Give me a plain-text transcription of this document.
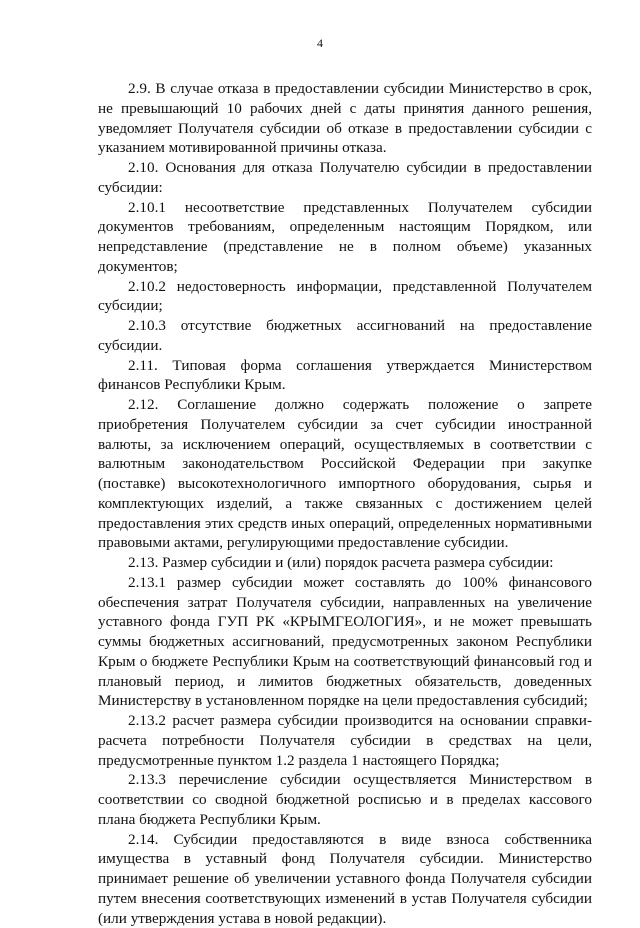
4

2.9. В случае отказа в предоставлении субсидии Министерство в срок, не превышающий 10 рабочих дней с даты принятия данного решения, уведомляет Получателя субсидии об отказе в предоставлении субсидии с указанием мотивированной причины отказа.

2.10. Основания для отказа Получателю субсидии в предоставлении субсидии:

2.10.1 несоответствие представленных Получателем субсидии документов требованиям, определенным настоящим Порядком, или непредставление (представление не в полном объеме) указанных документов;

2.10.2 недостоверность информации, представленной Получателем субсидии;

2.10.3 отсутствие бюджетных ассигнований на предоставление субсидии.

2.11. Типовая форма соглашения утверждается Министерством финансов Республики Крым.

2.12. Соглашение должно содержать положение о запрете приобретения Получателем субсидии за счет субсидии иностранной валюты, за исключением операций, осуществляемых в соответствии с валютным законодательством Российской Федерации при закупке (поставке) высокотехнологичного импортного оборудования, сырья и комплектующих изделий, а также связанных с достижением целей предоставления этих средств иных операций, определенных нормативными правовыми актами, регулирующими предоставление субсидии.

2.13. Размер субсидии и (или) порядок расчета размера субсидии:

2.13.1 размер субсидии может составлять до 100% финансового обеспечения затрат Получателя субсидии, направленных на увеличение уставного фонда ГУП РК «КРЫМГЕОЛОГИЯ», и не может превышать суммы бюджетных ассигнований, предусмотренных законом Республики Крым о бюджете Республики Крым на соответствующий финансовый год и плановый период, и лимитов бюджетных обязательств, доведенных Министерству в установленном порядке на цели предоставления субсидий;

2.13.2 расчет размера субсидии производится на основании справки-расчета потребности Получателя субсидии в средствах на цели, предусмотренные пунктом 1.2 раздела 1 настоящего Порядка;

2.13.3 перечисление субсидии осуществляется Министерством в соответствии со сводной бюджетной росписью и в пределах кассового плана бюджета Республики Крым.

2.14. Субсидии предоставляются в виде взноса собственника имущества в уставный фонд Получателя субсидии. Министерство принимает решение об увеличении уставного фонда Получателя субсидии путем внесения соответствующих изменений в устав Получателя субсидии (или утверждения устава в новой редакции).
